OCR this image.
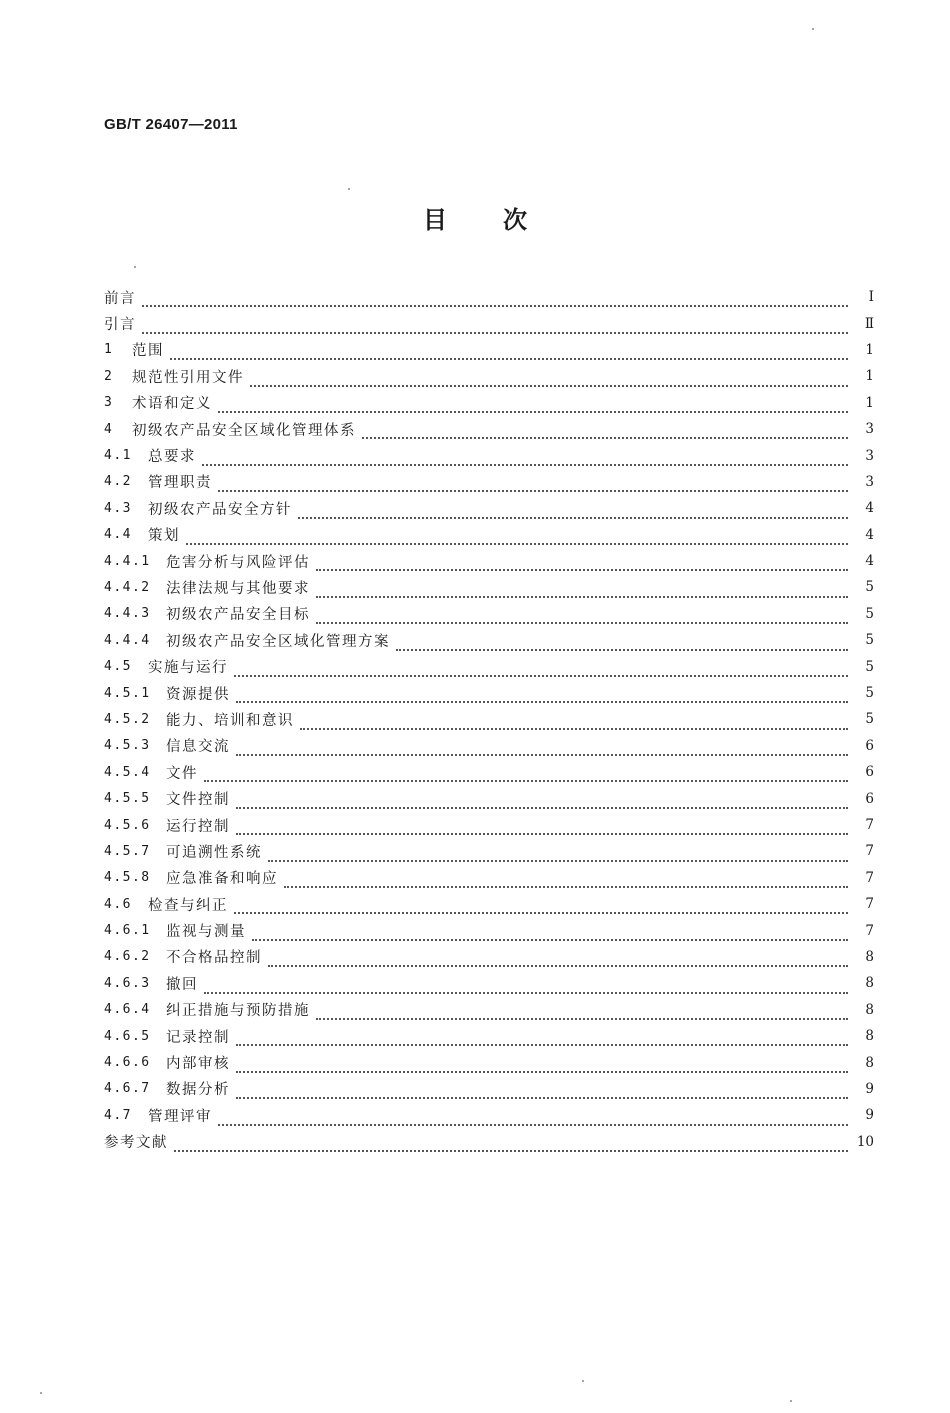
GB/T 26407—2011
目次
前言	Ⅰ
引言	Ⅱ
1	范围	1
2	规范性引用文件	1
3	术语和定义	1
4	初级农产品安全区域化管理体系	3
4.1	总要求	3
4.2	管理职责	3
4.3	初级农产品安全方针	4
4.4	策划	4
4.4.1	危害分析与风险评估	4
4.4.2	法律法规与其他要求	5
4.4.3	初级农产品安全目标	5
4.4.4	初级农产品安全区域化管理方案	5
4.5	实施与运行	5
4.5.1	资源提供	5
4.5.2	能力、培训和意识	5
4.5.3	信息交流	6
4.5.4	文件	6
4.5.5	文件控制	6
4.5.6	运行控制	7
4.5.7	可追溯性系统	7
4.5.8	应急准备和响应	7
4.6	检查与纠正	7
4.6.1	监视与测量	7
4.6.2	不合格品控制	8
4.6.3	撤回	8
4.6.4	纠正措施与预防措施	8
4.6.5	记录控制	8
4.6.6	内部审核	8
4.6.7	数据分析	9
4.7	管理评审	9
参考文献	10
